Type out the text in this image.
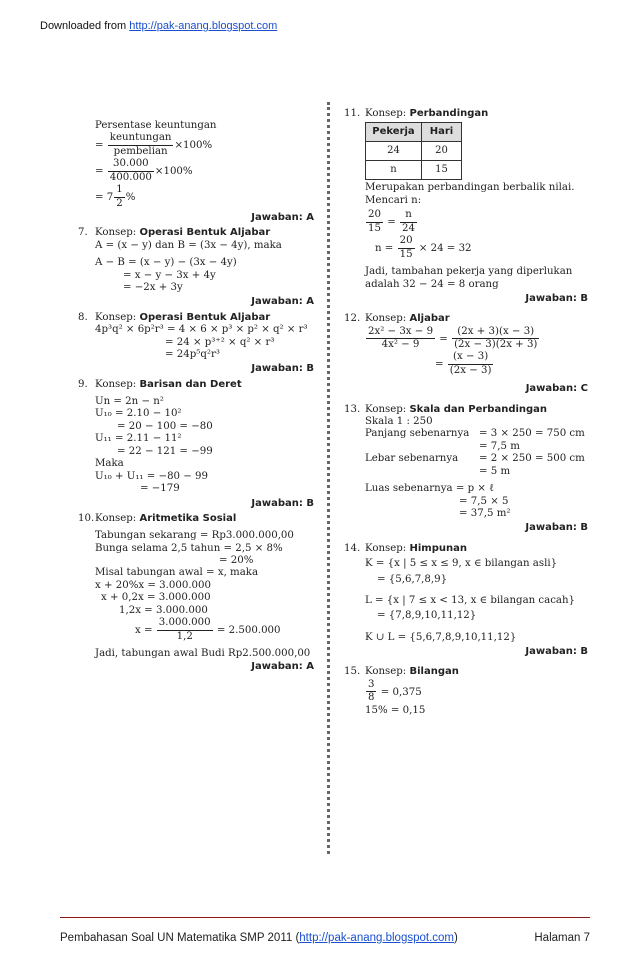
Downloaded from http://pak-anang.blogspot.com
Persentase keuntungan
= $\frac{\text{keuntungan}}{\text{pembelian}} \times 100\%$
= $\frac{30.000}{400.000} \times 100\%$
= $7 \frac{1}{2}$ %
Jawaban: A
7. Konsep: Operasi Bentuk Aljabar
A = (x − y) dan B = (3x − 4y), maka
A − B = (x − y) − (3x − 4y)
= x − y − 3x + 4y
= −2x + 3y
Jawaban: A
8. Konsep: Operasi Bentuk Aljabar
4p³q² × 6p²r³ = 4 × 6 × p³ × p² × q² × r³
= 24 × p³⁺² × q² × r³
= 24p⁵q²r³
Jawaban: B
9. Konsep: Barisan dan Deret
Un = 2n − n²
U₁₀ = 2.10 − 10²
= 20 − 100 = −80
U₁₁ = 2.11 − 11²
= 22 − 121 = −99
Maka
U₁₀ + U₁₁ = −80 − 99
= −179
Jawaban: B
10. Konsep: Aritmetika Sosial
Tabungan sekarang = Rp3.000.000,00
Bunga selama 2,5 tahun = 2,5 × 8%
= 20%
Misal tabungan awal = x, maka
x + 20%x = 3.000.000
x + 0,2x = 3.000.000
1,2x = 3.000.000
$x = \frac{3.000.000}{1,2} = 2.500.000$
Jadi, tabungan awal Budi Rp2.500.000,00
Jawaban: A
11. Konsep: Perbandingan
Pekerja	Hari
24	20
n	15
Merupakan perbandingan berbalik nilai.
Mencari n:
$\frac{20}{15} = \frac{n}{24}$
$n = \frac{20}{15} \times 24 = 32$
Jadi, tambahan pekerja yang diperlukan
adalah 32 − 24 = 8 orang
Jawaban: B
12. Konsep: Aljabar
$\frac{\text{2x² − 3x − 9}}{\text{4x² − 9}} = \frac{(2x + 3)(x - 3)}{(2x - 3)(2x + 3)}$
= $\frac{(x - 3)}{(2x - 3)}$
Jawaban: C
13. Konsep: Skala dan Perbandingan
Skala 1 : 250
Panjang sebenarnya	= 3 × 250 = 750 cm
	= 7,5 m
Lebar sebenarnya	= 2 × 250 = 500 cm
	= 5 m
Luas sebenarnya = p × ℓ
= 7,5 × 5
= 37,5 m²
Jawaban: B
14. Konsep: Himpunan
K = {x | 5 ≤ x ≤ 9, x ∈ bilangan asli}
= {5,6,7,8,9}
L = {x | 7 ≤ x < 13, x ∈ bilangan cacah}
= {7,8,9,10,11,12}
K ∪ L = {5,6,7,8,9,10,11,12}
Jawaban: B
15. Konsep: Bilangan
$\frac{3}{8} = 0,375$
15% = 0,15
Pembahasan Soal UN Matematika SMP 2011 (http://pak-anang.blogspot.com)	Halaman 7
